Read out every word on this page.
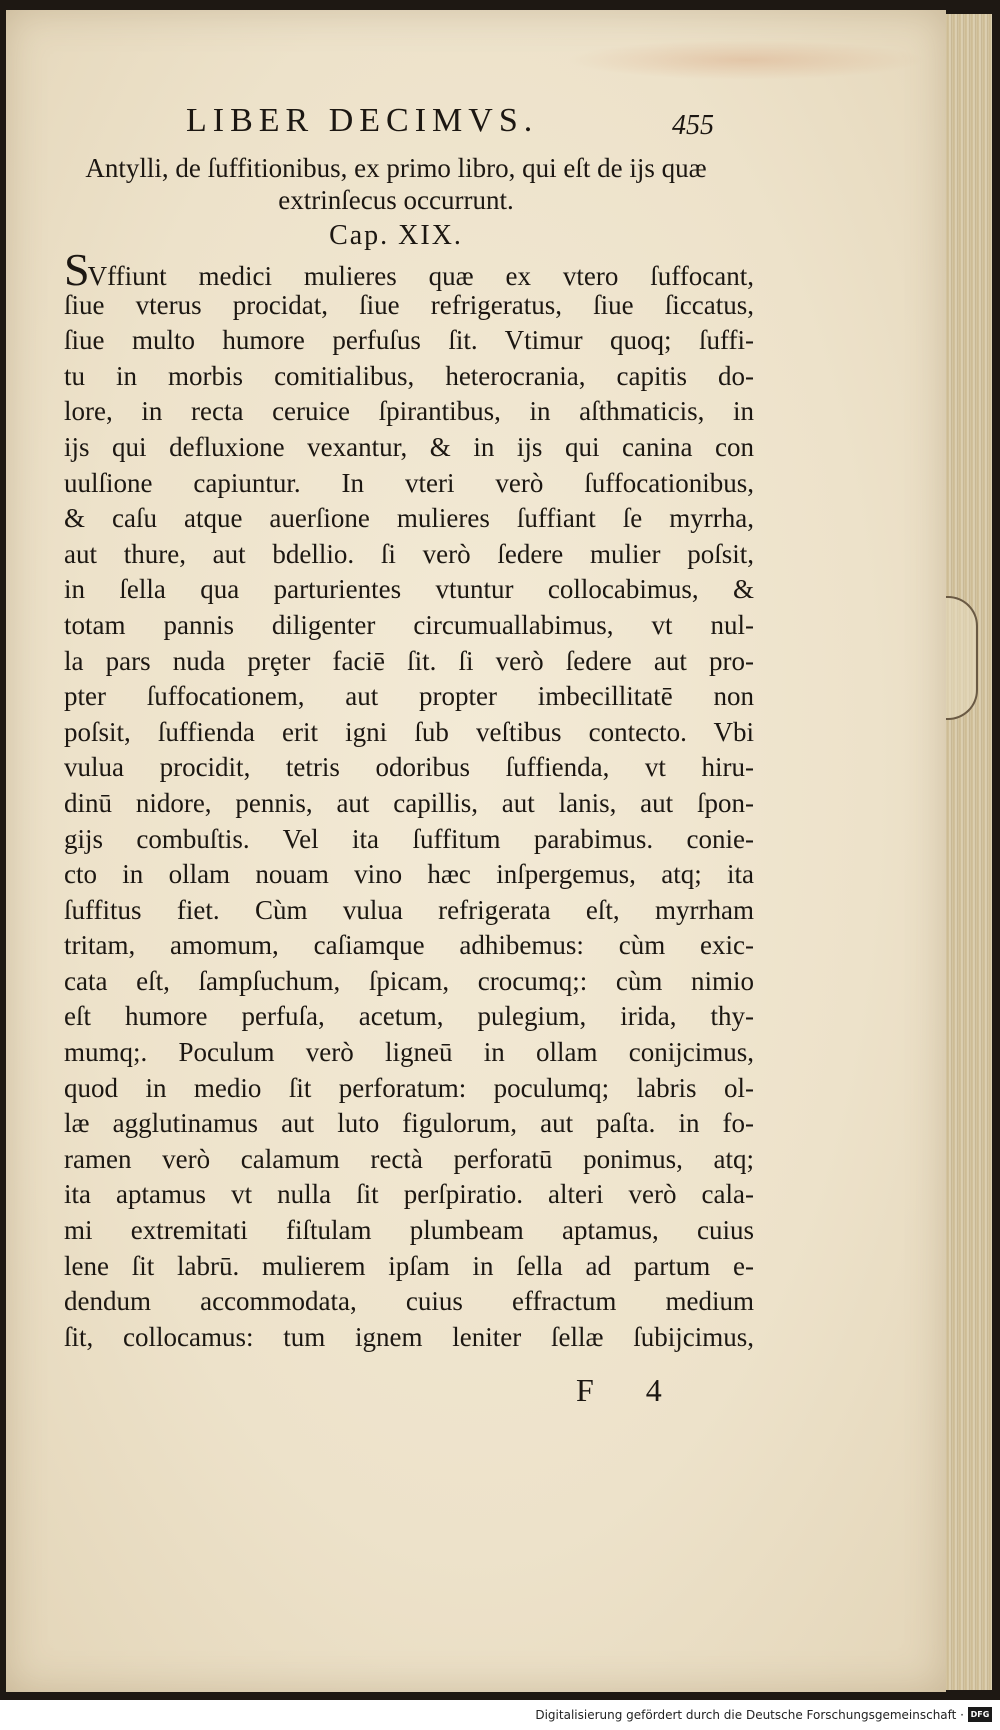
LIBER DECIMVS.	455
Antylli, de ſuffitionibus, ex primo libro, qui eſt de ijs quæ extrinſecus occurrunt.
Cap. XIX.
SVffiunt medici mulieres quæ ex vtero ſuffocant,
ſiue vterus procidat, ſiue refrigeratus, ſiue ſiccatus,
ſiue multo humore perfuſus ſit. Vtimur quoq; ſuffi-
tu in morbis comitialibus, heterocrania, capitis do-
lore, in recta ceruice ſpirantibus, in aſthmaticis, in
ijs qui defluxione vexantur, & in ijs qui canina con
uulſione capiuntur. In vteri verò ſuffocationibus,
& caſu atque auerſione mulieres ſuffiant ſe myrrha,
aut thure, aut bdellio. ſi verò ſedere mulier poſsit,
in ſella qua parturientes vtuntur collocabimus, &
totam pannis diligenter circumuallabimus, vt nul-
la pars nuda prȩter faciē ſit. ſi verò ſedere aut pro-
pter ſuffocationem, aut propter imbecillitatē non
poſsit, ſuffienda erit igni ſub veſtibus contecto. Vbi
vulua procidit, tetris odoribus ſuffienda, vt hiru-
dinū nidore, pennis, aut capillis, aut lanis, aut ſpon-
gijs combuſtis. Vel ita ſuffitum parabimus. conie-
cto in ollam nouam vino hæc inſpergemus, atq; ita
ſuffitus fiet. Cùm vulua refrigerata eſt, myrrham
tritam, amomum, caſiamque adhibemus: cùm exic-
cata eſt, ſampſuchum, ſpicam, crocumq;: cùm nimio
eſt humore perfuſa, acetum, pulegium, irida, thy-
mumq;. Poculum verò ligneū in ollam conijcimus,
quod in medio ſit perforatum: poculumq; labris ol-
læ agglutinamus aut luto figulorum, aut paſta. in fo-
ramen verò calamum rectà perforatū ponimus, atq;
ita aptamus vt nulla ſit perſpiratio. alteri verò cala-
mi extremitati fiſtulam plumbeam aptamus, cuius
lene ſit labrū. mulierem ipſam in ſella ad partum e-
dendum accommodata, cuius effractum medium
ſit, collocamus: tum ignem leniter ſellæ ſubijcimus,
F 4
Digitalisierung gefördert durch die Deutsche Forschungsgemeinschaft · DFG
